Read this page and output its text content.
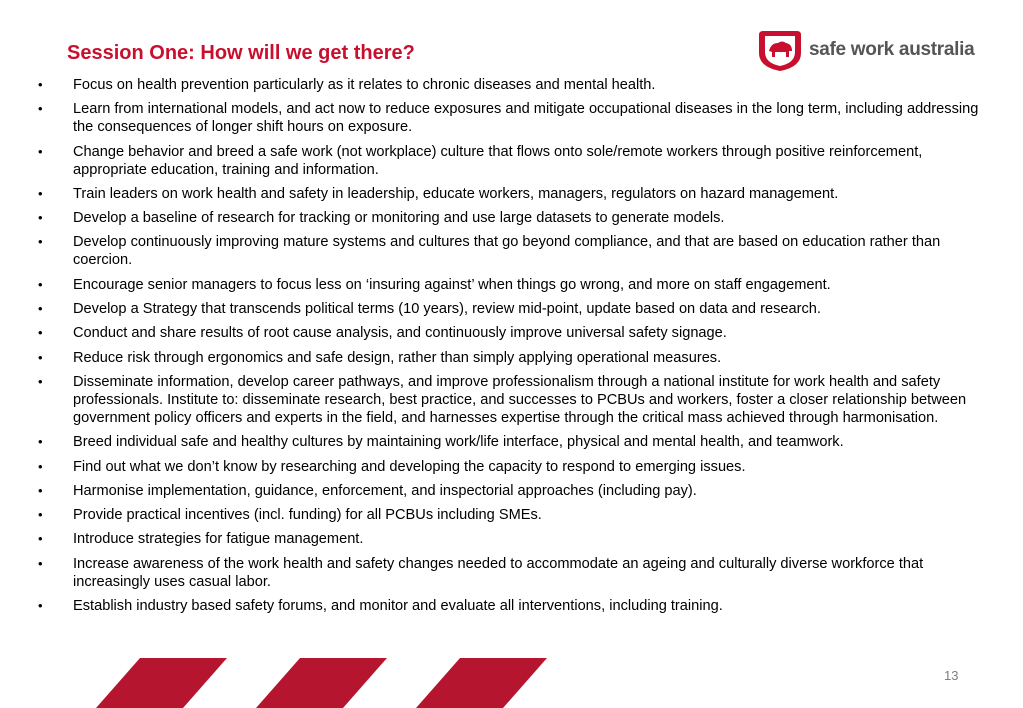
Session One: How will we get there?	safe work australia
• Focus on health prevention particularly as it relates to chronic diseases and mental health.
• Learn from international models, and act now to reduce exposures and mitigate occupational diseases in the long term, including addressing the consequences of longer shift hours on exposure.
• Change behavior and breed a safe work (not workplace) culture that flows onto sole/remote workers through positive reinforcement, appropriate education, training and information.
• Train leaders on work health and safety in leadership, educate workers, managers, regulators on hazard management.
• Develop a baseline of research for tracking or monitoring and use large datasets to generate models.
• Develop continuously improving mature systems and cultures that go beyond compliance, and that are based on education rather than coercion.
• Encourage senior managers to focus less on ‘insuring against’ when things go wrong, and more on staff engagement.
• Develop a Strategy that transcends political terms (10 years), review mid-point, update based on data and research.
• Conduct and share results of root cause analysis, and continuously improve universal safety signage.
• Reduce risk through ergonomics and safe design, rather than simply applying operational measures.
• Disseminate information, develop career pathways, and improve professionalism through a national institute for work health and safety professionals. Institute to: disseminate research, best practice, and successes to PCBUs and workers, foster a closer relationship between government policy officers and experts in the field, and harnesses expertise through the critical mass achieved through harmonisation.
• Breed individual safe and healthy cultures by maintaining work/life interface, physical and mental health, and teamwork.
• Find out what we don’t know by researching and developing the capacity to respond to emerging issues.
• Harmonise implementation, guidance, enforcement, and inspectorial approaches (including pay).
• Provide practical incentives (incl. funding) for all PCBUs including SMEs.
• Introduce strategies for fatigue management.
• Increase awareness of the work health and safety changes needed to accommodate an ageing and culturally diverse workforce that increasingly uses casual labor.
• Establish industry based safety forums, and monitor and evaluate all interventions, including training.
13
